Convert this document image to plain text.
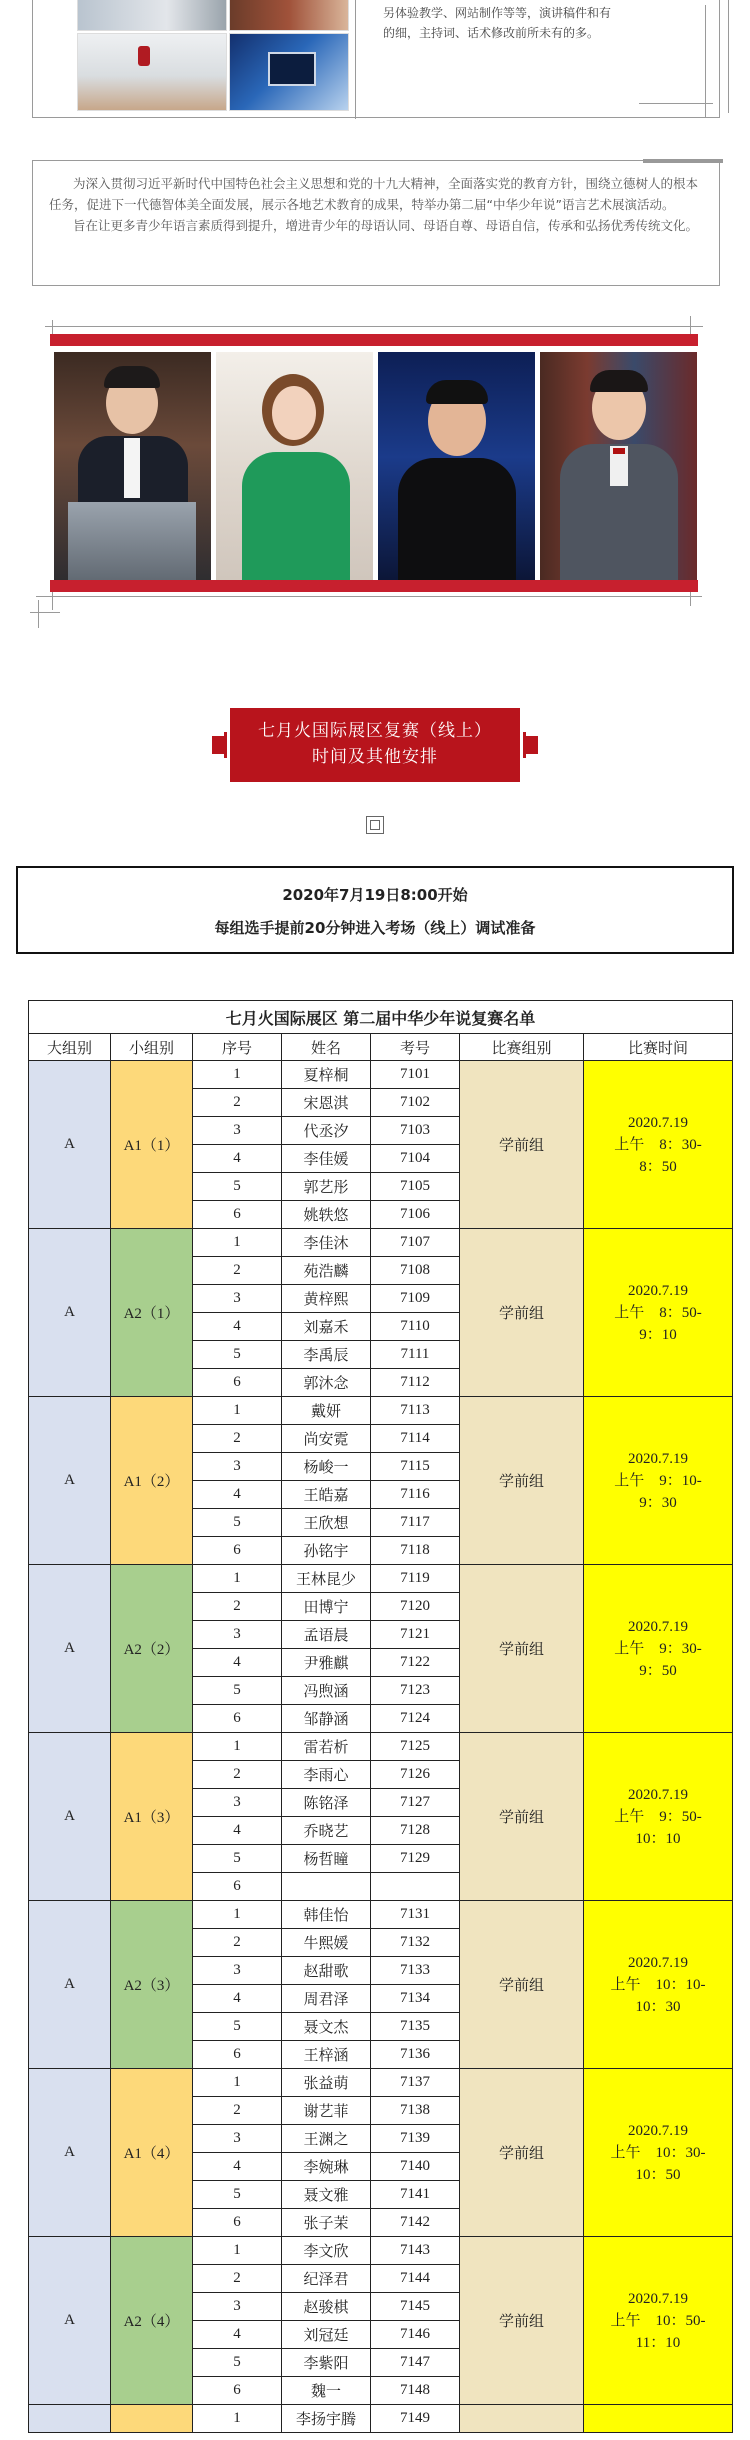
另体验教学、网站制作等等，演讲稿件和有
的细，主持词、话术修改前所未有的多。

为深入贯彻习近平新时代中国特色社会主义思想和党的十九大精神，全面落实党的教育方针，围绕立德树人的根本任务，促进下一代德智体美全面发展，展示各地艺术教育的成果，特举办第二届“中华少年说”语言艺术展演活动。

旨在让更多青少年语言素质得到提升，增进青少年的母语认同、母语自尊、母语自信，传承和弘扬优秀传统文化。

七月火国际展区复赛（线上）
时间及其他安排
2020年7月19日8:00开始
每组选手提前20分钟进入考场（线上）调试准备
七月火国际展区 第二届中华少年说复赛名单						
大组别	小组别	序号	姓名	考号	比赛组别	比赛时间
A	A1（1）	1	夏梓桐	7101	学前组	2020.7.19
上午　8：30-
8：50

		2	宋恩淇	7102		
		3	代丞汐	7103		
		4	李佳媛	7104		
		5	郭艺彤	7105		
		6	姚轶悠	7106		
A	A2（1）	1	李佳沐	7107	学前组	2020.7.19
上午　8：50-
9：10

		2	苑浩麟	7108		
		3	黄梓熙	7109		
		4	刘嘉禾	7110		
		5	李禹辰	7111		
		6	郭沐念	7112		
A	A1（2）	1	戴妍	7113	学前组	2020.7.19
上午　9：10-
9：30

		2	尚安霓	7114		
		3	杨峻一	7115		
		4	王皓嘉	7116		
		5	王欣想	7117		
		6	孙铭宇	7118		
A	A2（2）	1	王林昆少	7119	学前组	2020.7.19
上午　9：30-
9：50

		2	田博宁	7120		
		3	孟语晨	7121		
		4	尹雅麒	7122		
		5	冯煦涵	7123		
		6	邹静涵	7124		
A	A1（3）	1	雷若析	7125	学前组	2020.7.19
上午　9：50-
10：10

		2	李雨心	7126		
		3	陈铭泽	7127		
		4	乔晓艺	7128		
		5	杨哲瞳	7129		
		6				
A	A2（3）	1	韩佳怡	7131	学前组	2020.7.19
上午　10：10-
10：30

		2	牛熙媛	7132		
		3	赵甜歌	7133		
		4	周君泽	7134		
		5	聂文杰	7135		
		6	王梓涵	7136		
A	A1（4）	1	张益萌	7137	学前组	2020.7.19
上午　10：30-
10：50

		2	谢艺菲	7138		
		3	王渊之	7139		
		4	李婉琳	7140		
		5	聂文雅	7141		
		6	张子茉	7142		
A	A2（4）	1	李文欣	7143	学前组	2020.7.19
上午　10：50-
11：10

		2	纪泽君	7144		
		3	赵骏棋	7145		
		4	刘冠廷	7146		
		5	李紫阳	7147		
		6	魏一	7148		
		1	李扬宇腾	7149		
